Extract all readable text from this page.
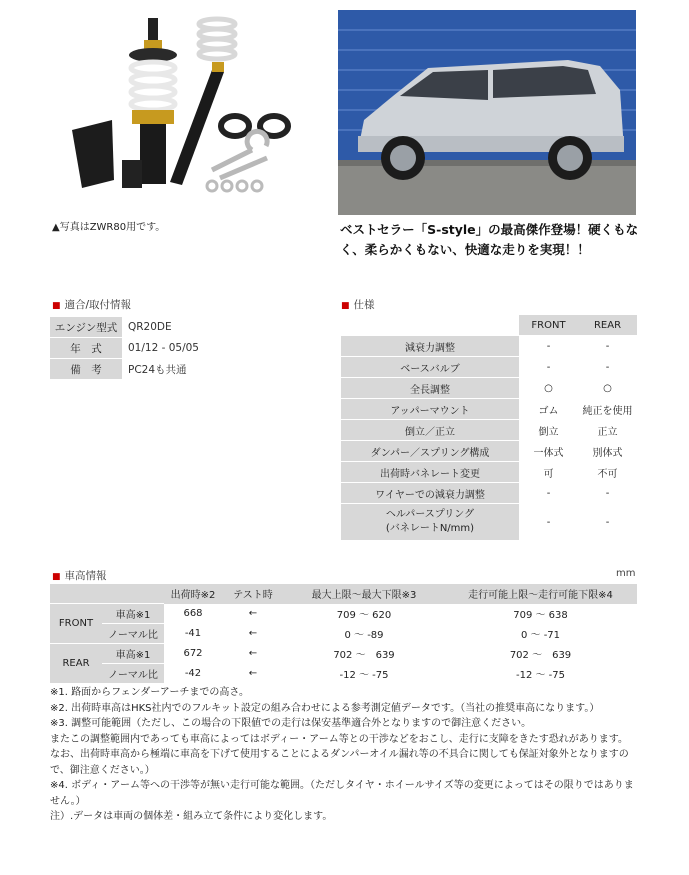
▲写真はZWR80用です。	ベストセラー「S-style」の最高傑作登場！硬くもなく、柔らかくもない、快適な走りを実現！！
■ 適合/取付情報
エンジン型式	QR20DE
年　式	01/12 - 05/05
備　考	PC24も共通
■ 仕様
	FRONT	REAR
減衰力調整	-	-
ベースバルブ	-	-
全長調整	○	○
アッパーマウント	ゴム	純正を使用
倒立／正立	倒立	正立
ダンパー／スプリング構成	一体式	別体式
出荷時バネレート変更	可	不可
ワイヤーでの減衰力調整	-	-

ヘルパースプリング
(バネレートN/mm)	-	-
■ 車高情報	mm
		出荷時※2	テスト時	最大上限～最大下限※3	走行可能上限～走行可能下限※4
FRONT	車高※1	668	←	709 ～ 620	709 ～ 638
	ノーマル比	-41	←	0 ～ -89	0 ～ -71
REAR	車高※1	672	←	702 ～　639	702 ～　639
	ノーマル比	-42	←	-12 ～ -75	-12 ～ -75

※1. 路面からフェンダーアーチまでの高さ。

※2. 出荷時車高はHKS社内でのフルキット設定の組み合わせによる参考測定値データです。（当社の推奨車高になります。）

※3. 調整可能範囲（ただし、この場合の下限値での走行は保安基準適合外となりますので御注意ください。

またこの調整範囲内であっても車高によってはボディー・アーム等との干渉などをおこし、走行に支障をきたす恐れがあります。

なお、出荷時車高から極端に車高を下げて使用することによるダンパーオイル漏れ等の不具合に関しても保証対象外となりますので、御注意ください。）

※4. ボディ・アーム等への干渉等が無い走行可能な範囲。（ただしタイヤ・ホイールサイズ等の変更によってはその限りではありません。）

注）.データは車両の個体差・組み立て条件により変化します。
